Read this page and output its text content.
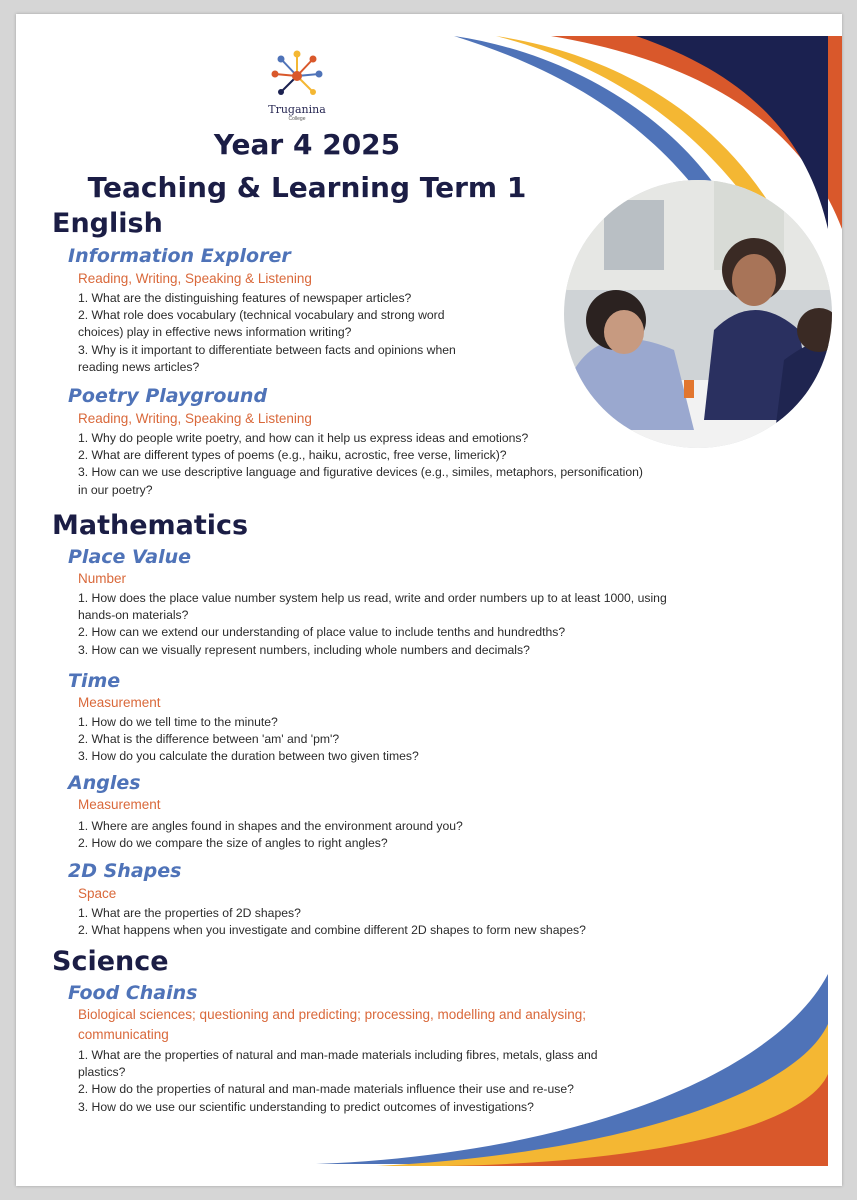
Truganina
College
Year 4 2025
Teaching & Learning Term 1
English
Information Explorer
Reading, Writing, Speaking & Listening
1. What are the distinguishing features of newspaper articles?
2. What role does vocabulary (technical vocabulary and strong word
choices) play in effective news information writing?
3. Why is it important to differentiate between facts and opinions when
reading news articles?
Poetry Playground
Reading, Writing, Speaking & Listening
1. Why do people write poetry, and how can it help us express ideas and emotions?
2. What are different types of poems (e.g., haiku, acrostic, free verse, limerick)?
3. How can we use descriptive language and figurative devices (e.g., similes, metaphors, personification)
in our poetry?
Mathematics
Place Value
Number
1. How does the place value number system help us read, write and order numbers up to at least 1000, using
hands-on materials?
2. How can we extend our understanding of place value to include tenths and hundredths?
3. How can we visually represent numbers, including whole numbers and decimals?
Time
Measurement
1. How do we tell time to the minute?
2. What is the difference between 'am' and 'pm'?
3. How do you calculate the duration between two given times?
Angles
Measurement
1. Where are angles found in shapes and the environment around you?
2. How do we compare the size of angles to right angles?
2D Shapes
Space
1. What are the properties of 2D shapes?
2. What happens when you investigate and combine different 2D shapes to form new shapes?
Science
Food Chains
Biological sciences; questioning and predicting; processing, modelling and analysing;
communicating
1. What are the properties of natural and man-made materials including fibres, metals, glass and
plastics?
2. How do the properties of natural and man-made materials influence their use and re-use?
3. How do we use our scientific understanding to predict outcomes of investigations?
